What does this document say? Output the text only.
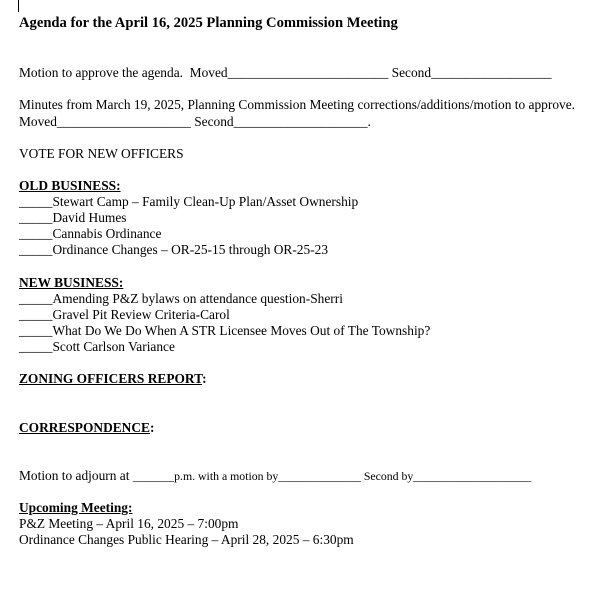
Agenda for the April 16, 2025 Planning Commission Meeting
Motion to approve the agenda.  Moved________________________ Second__________________
Minutes from March 19, 2025, Planning Commission Meeting corrections/additions/motion to approve.
Moved____________________ Second____________________.
VOTE FOR NEW OFFICERS
OLD BUSINESS:
_____Stewart Camp – Family Clean-Up Plan/Asset Ownership
_____David Humes
_____Cannabis Ordinance
_____Ordinance Changes – OR-25-15 through OR-25-23
NEW BUSINESS:
_____Amending P&Z bylaws on attendance question-Sherri
_____Gravel Pit Review Criteria-Carol
_____What Do We Do When A STR Licensee Moves Out of The Township?
_____Scott Carlson Variance
ZONING OFFICERS REPORT:
CORRESPONDENCE:
Motion to adjourn at _______p.m. with a motion by______________ Second by____________________
Upcoming Meeting:
P&Z Meeting – April 16, 2025 – 7:00pm
Ordinance Changes Public Hearing – April 28, 2025 – 6:30pm
